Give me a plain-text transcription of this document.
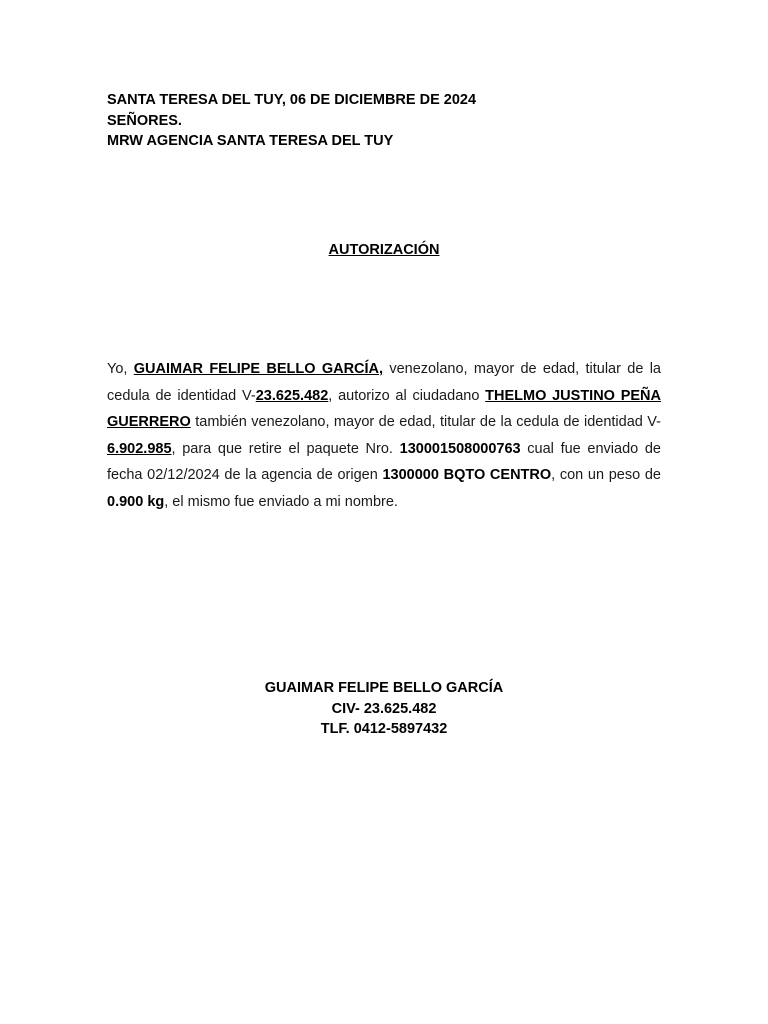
SANTA TERESA DEL TUY, 06 DE DICIEMBRE DE 2024
SEÑORES.
MRW AGENCIA SANTA TERESA DEL TUY
AUTORIZACIÓN
Yo, GUAIMAR FELIPE BELLO GARCÍA, venezolano, mayor de edad, titular de la cedula de identidad V-23.625.482, autorizo al ciudadano THELMO JUSTINO PEÑA GUERRERO también venezolano, mayor de edad, titular de la cedula de identidad V-6.902.985, para que retire el paquete Nro. 130001508000763 cual fue enviado de fecha 02/12/2024 de la agencia de origen 1300000 BQTO CENTRO, con un peso de 0.900 kg, el mismo fue enviado a mi nombre.
GUAIMAR FELIPE BELLO GARCÍA
CIV- 23.625.482
TLF. 0412-5897432
